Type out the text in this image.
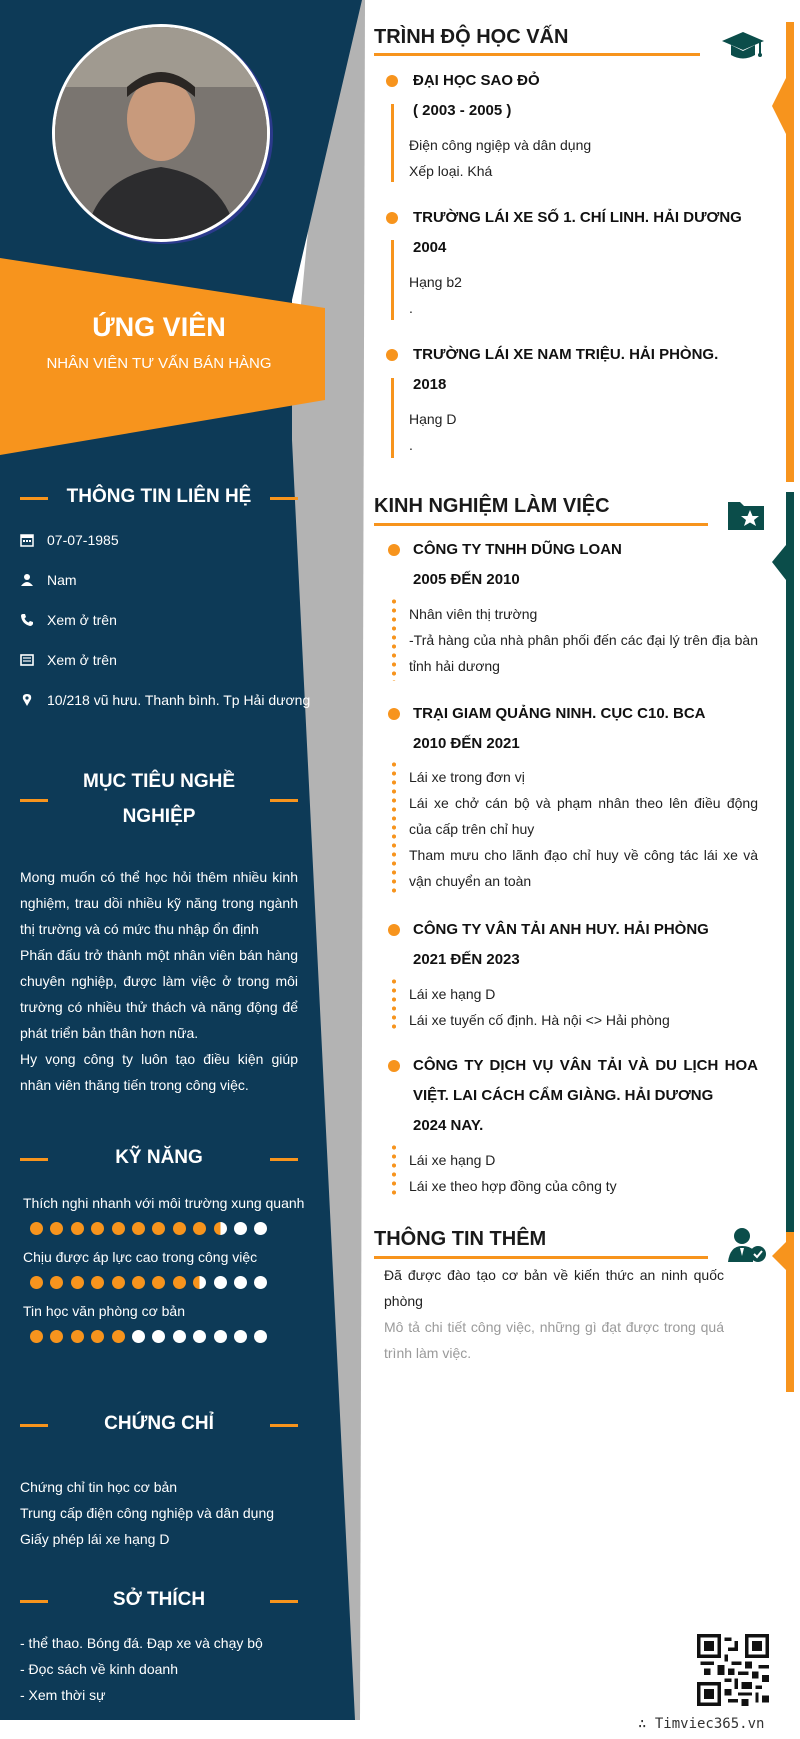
ỨNG VIÊN
NHÂN VIÊN TƯ VẤN BÁN HÀNG
THÔNG TIN LIÊN HỆ
07-07-1985
Nam
Xem ở trên
Xem ở trên
10/218 vũ hưu. Thanh bình. Tp Hải dương
MỤC TIÊU NGHỀ
NGHIỆP

Mong muốn có thể học hỏi thêm nhiều kinh nghiệm, trau dồi nhiều kỹ năng trong ngành thị trường và có mức thu nhập ổn định

Phấn đấu trở thành một nhân viên bán hàng chuyên nghiệp, được làm việc ở trong môi trường có nhiều thử thách và năng động để phát triển bản thân hơn nữa.

Hy vọng công ty luôn tạo điều kiện giúp nhân viên thăng tiến trong công việc.

KỸ NĂNG
Thích nghi nhanh với môi trường xung quanh
Chịu được áp lực cao trong công việc
Tin học văn phòng cơ bản
CHỨNG CHỈ

Chứng chỉ tin học cơ bản

Trung cấp điện công nghiệp và dân dụng

Giấy phép lái xe hạng D

SỞ THÍCH

- thể thao. Bóng đá. Đạp xe và chạy bộ

- Đọc sách về kinh doanh

- Xem thời sự

TRÌNH ĐỘ HỌC VẤN
ĐẠI HỌC SAO ĐỎ
( 2003 - 2005 )

Điện công ngiệp và dân dụng

Xếp loại. Khá

TRƯỜNG LÁI XE SỐ 1. CHÍ LINH. HẢI DƯƠNG
2004

Hạng b2

.

TRƯỜNG LÁI XE NAM TRIỆU. HẢI PHÒNG.
2018

Hạng D

.

KINH NGHIỆM LÀM VIỆC
CÔNG TY TNHH DŨNG LOAN
2005 ĐẾN 2010

Nhân viên thị trường

-Trả hàng của nhà phân phối đến các đại lý trên địa bàn tỉnh hải dương

TRẠI GIAM QUẢNG NINH. CỤC C10. BCA
2010 ĐẾN 2021

Lái xe trong đơn vị

Lái xe chở cán bộ và phạm nhân theo lên điều động của cấp trên chỉ huy

Tham mưu cho lãnh đạo chỉ huy về công tác lái xe và vận chuyển an toàn

CÔNG TY VÂN TẢI ANH HUY. HẢI PHÒNG
2021 ĐẾN 2023

Lái xe hạng D

Lái xe tuyến cố định. Hà nội <> Hải phòng

CÔNG TY DỊCH VỤ VÂN TẢI VÀ DU LỊCH HOA VIỆT. LAI CÁCH CẨM GIÀNG. HẢI DƯƠNG
2024 NAY.

Lái xe hạng D

Lái xe theo hợp đồng của công ty

THÔNG TIN THÊM

Đã được đào tạo cơ bản về kiến thức an ninh quốc phòng

Mô tả chi tiết công việc, những gì đạt được trong quá trình làm việc.

∴ Timviec365.vn
